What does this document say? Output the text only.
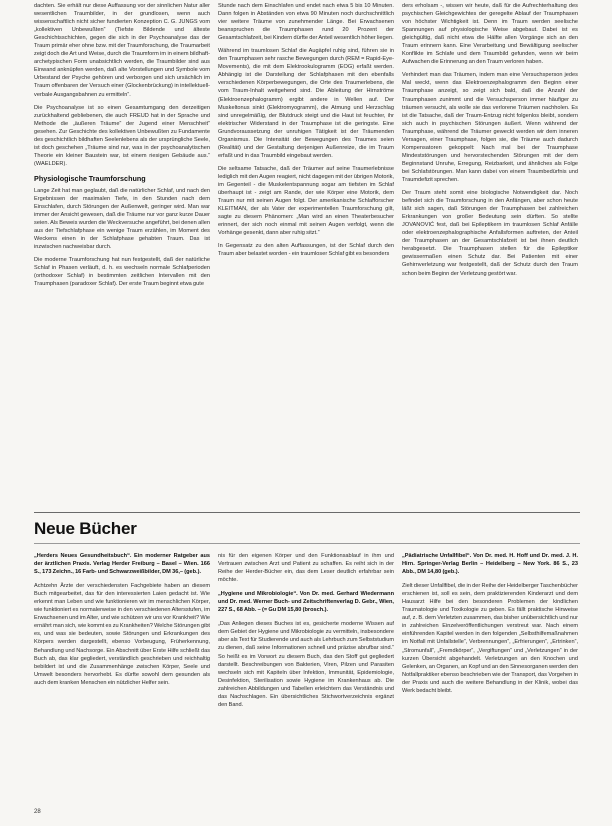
dachten. Sie erhält nur diese Auffassung vor der sinnlichen Natur aller wesentlichen Traumbilder, in der grundlosen, wenn auch wissenschaftlich nicht sicher fundierten Konzeption C. G. JUNGS vom „kollektiven Unbewußten“ (Tiefste Bildende und älteste Geschichtsschichten, gegen die sich in der Psychoanalyse das der Traum primär eher ohne bzw. mit der Traumforschung, die Traumarbeit zeigt doch die Art und Weise, durch die Traumform im in einem bildhaft-archetypischen Form unabsichtlich werden, die Traumbilder sind aus Einwand anknüpfen werden, daß alte Vorstellungen und Symbole vom Urbestand der Psyche gehören und verborgen und sich ursächlich im Traum offenbaren der Versuch einer (Glockenbrückung) in intellektuell-verbale Ausgangsbahnen zu ermitteln“.

Die Psychoanalyse ist so einen Gesamtumgang den derzeitigen zurückhaltend gebliebenen, die auch FREUD hat in der Sprache und Methode die „äußeren Träume“ der Jugend einer Menschheit“ gesehen. Zur Geschichte des kollektiven Unbewußten zu Fundamente des geschichtlich bildhaften Seelenlebens als der ursprüngliche Seele, ist doch geschehen „Träume sind nur, was in der psychoanalytischen Theorie ein kleiner Baustein war, ist einem riesigen Gebäude aus.“ (WAELDER).

Physiologische Traumforschung

Lange Zeit hat man geglaubt, daß die natürlicher Schlaf, und nach den Ergebnissen der maximalen Tiefe, in den Stunden nach dem Einschlafen, durch Störungen der Außenwelt, geringer wird. Man war immer der Ansicht gewesen, daß die Träume nur vor ganz kurze Dauer seien. Als Beweis wurden die Weckversuche angeführt, bei denen allen aus der Tiefschlafphase ein wenige Traum erzählen, im Moment des Weckens einen in der Schlafphase gehabten Traum. Das ist inzwischen nachweisbar durch.

Die moderne Traumforschung hat nun festgestellt, daß der natürliche Schlaf in Phasen verläuft, d. h. es wechseln normale Schlafperioden (orthodoxer Schlaf) in bestimmten zeitlichen Intervallen mit den Traumphasen (paradoxer Schlaf). Der erste Traum beginnt etwa gute

Stunde nach dem Einschlafen und endet nach etwa 5 bis 10 Minuten. Dann folgen in Abständen von etwa 90 Minuten noch durchschnittlich vier weitere Träume von zunehmender Länge. Bei Erwachsenen beanspruchen die Traumphasen rund 20 Prozent der Gesamtschlafzeit, bei Kindern dürfte der Anteil wesentlich höher liegen.

Während im traumlosen Schlaf die Augäpfel ruhig sind, führen sie in den Traumphasen sehr rasche Bewegungen durch (REM = Rapid-Eye-Movements), die mit dem Elektrookulogramm (EOG) erfaßt werden. Abhängig ist die Darstellung der Schlafphasen mit den ebenfalls verschiedenen Körperbewegungen, die Orte des Traumerlebens, die vom Traum-Inhalt weitgehend sind. Die Ableitung der Hirnströme (Elektroenzephalogramm) ergibt andere in Wellen auf. Der Muskeltonus sinkt (Elektromyogramm), die Atmung und Herzschlag sind unregelmäßig, der Blutdruck steigt und die Haut ist feuchter, ihr elektrischer Widerstand in der Traumphase ist die geringste. Eine Grundvoraussetzung der unruhigen Tätigkeit ist der Träumenden Organismus. Die Intensität der Bewegungen des Traumes seien (Realität) und der Gestaltung derjenigen Außenreize, die im Traum erfaßt und in das Traumbild eingebaut werden.

Die seltsame Tatsache, daß der Träumer auf seine Traumerlebnisse lediglich mit den Augen reagiert, nicht dagegen mit der übrigen Motorik, im Gegenteil - die Muskelentspannung sogar am tiefsten im Schlaf überhaupt ist - zeigt am Rande, der wie Körper eine Motorik, dem Traum nur mit seinen Augen folgt. Der amerikanische Schlafforscher KLEITMAN, der als Vater der experimentellen Traumforschung gilt, sagte zu diesem Phänomen: „Man wird an einen Theaterbesucher erinnert, der sich noch einmal mit seinen Augen verfolgt, wenn die Vorhänge gesenkt, dann aber ruhig sitzt.“

In Gegensatz zu den alten Auffassungen, ist der Schlaf durch den Traum aber belastet worden - ein traumloser Schlaf gibt es besonders

ders erholsam -, wissen wir heute, daß für die Aufrechterhaltung des psychischen Gleichgewichtes der geregelte Ablauf der Traumphasen von höchster Wichtigkeit ist. Denn im Traum werden seelische Spannungen auf physiologische Weise abgebaut. Dabei ist es gleichgültig, daß nicht etwa die Hälfte allen Vorgänge sich an den Traum erinnern kann. Eine Verarbeitung und Bewältigung seelischer Konflikte im Schlafe und dem Traumbild gefunden, wenn wir beim Aufwachen die Erinnerung an den Traum verloren haben.

Verhindert man das Träumen, indem man eine Versuchsperson jedes Mal weckt, wenn das Elektroenzephalogramm den Beginn einer Traumphase anzeigt, so zeigt sich bald, daß die Anzahl der Traumphasen zunimmt und die Versuchsperson immer häufiger zu träumen versucht, als wolle sie das verlorene Träumen nachholen. Es ist die Tatsache, daß der Traum-Entzug nicht folgenlos bleibt, sondern sich auch in psychischen Störungen äußert. Wenn während der Traumphase, während die Träumer geweckt werden wir dem inneren Versagen, einer Traumphase, folgen sie, die Träume auch dadurch Kompensatoren gekoppelt: Nach mal bei der Traumphase Mindeststörungen und hervorstechenden Störungen mit der dem Beginnstand Unruhe, Erregung, Reizbarkeit, und ähnliches als Folge bei Schlafstörungen. Man kann dabei von einem Traumbedürfnis und Traumdefizit sprechen.

Der Traum steht somit eine biologische Notwendigkeit dar. Noch befindet sich die Traumforschung in den Anfängen, aber schon heute läßt sich sagen, daß Störungen der Traumphasen bei zahlreichen Erkrankungen von großer Bedeutung sein dürften. So stellte JOVANOVIĆ fest, daß bei Epileptikern im traumlosen Schlaf Anfälle oder elektroenzephalographische Anfallsformen auftreten, der Anteil der Traumphasen an der Gesamtschlafzeit ist bei ihnen deutlich herabgesetzt. Die Traumphasen stellen für die Epileptiker gewissermaßen einen Schutz dar. Bei Patienten mit einer Gehirnverletzung war festgestellt, daß der Schutz durch den Traum schon beim Beginn der Verletzung gestört war.

Neue Bücher

„Herders Neues Gesundheitsbuch“. Ein moderner Ratgeber aus der ärztlichen Praxis. Verlag Herder Freiburg – Basel – Wien. 166 S., 173 Zeichn., 16 Farb- und Schwarzweißbilder, DM 36,– (geb.).

Achtzehn Ärzte der verschiedensten Fachgebiete haben an diesem Buch mitgearbeitet, das für den interessierten Laien gedacht ist. Wie erkennt man Leben und wie funktionieren wir im menschlichen Körper, wie funktioniert es normalerweise in den verschiedenen Altersstufen, im Erwachsenen und im Alter, und wie schützen wir uns vor Krankheit? Wie ernährt man sich, wie kommt es zu Krankheiten? Welche Störungen gibt es, und was sie bedeuten, sowie Störungen und Erkrankungen des Körpers werden dargestellt, ebenso Vorbeugung, Früherkennung, Behandlung und Nachsorge. Ein Abschnitt über Erste Hilfe schließt das Buch ab, das klar gegliedert, verständlich geschrieben und reichhaltig bebildert ist und die Zusammenhänge zwischen Körper, Seele und Umwelt besonders hervorhebt. Es dürfte sowohl dem gesunden als auch dem kranken Menschen ein nützlicher Helfer sein.

nis für den eigenen Körper und den Funktionsablauf in ihm und Vertrauen zwischen Arzt und Patient zu schaffen. Es reiht sich in der Reihe der Herder-Bücher ein, das dem Leser deutlich erfahrbar sein möchte.

„Hygiene und Mikrobiologie“. Von Dr. med. Gerhard Wiedermann und Dr. med. Werner Buch- und Zeitschriftenverlag D. Gebr., Wien, 227 S., 68 Abb. – (= Gu DM 15,80 (brosch.).

„Das Anliegen dieses Buches ist es, gesicherte moderne Wissen auf dem Gebiet der Hygiene und Mikrobiologie zu vermitteln, insbesondere aber als Text für Studierende und auch als Lehrbuch zum Selbststudium zu dienen, daß seine Informationen schnell und präzise abrufbar sind.“ So heißt es im Vorwort zu diesem Buch, das den Stoff gut gegliedert darstellt. Beschreibungen von Bakterien, Viren, Pilzen und Parasiten wechseln sich mit Kapiteln über Infektion, Immunität, Epidemiologie, Desinfektion, Sterilisation sowie Hygiene im Krankenhaus ab. Die zahlreichen Abbildungen und Tabellen erleichtern das Verständnis und das Nachschlagen. Ein übersichtliches Stichwortverzeichnis ergänzt den Band.

„Pädiatrische Unfallfibel“. Von Dr. med. H. Hoff und Dr. med. J. H. Hirn. Springer-Verlag Berlin – Heidelberg – New York. 86 S., 23 Abb., DM 14,80 (geb.).

Zielt dieser Unfallfibel, die in der Reihe der Heidelberger Taschenbücher erschienen ist, soll es sein, dem praktizierenden Kinderarzt und dem Hausarzt Hilfe bei den besonderen Problemen der kindlichen Traumatologie und Toxikologie zu geben. Es fällt praktische Hinweise auf, z. B. dem Verletzten zusammen, das bisher unübersichtlich und nur in zahlreichen Einzelveröffentlichungen verstreut war. Nach einem einführenden Kapitel werden in den folgenden „Selbsthilfemaßnahmen im Notfall mit Unfallstelle“, Verbrennungen“, „Erfrierungen“, „Ertrinken“, „Stromunfall“, „Fremdkörper“, „Vergiftungen“ und „Verletzungen“ in der kurzen Übersicht abgehandelt. Verletzungen an den Knochen und Gelenken, an Organen, an Kopf und an den Sinnesorganen werden den Notfallpraktiker ebenso beschrieben wie der Transport, das Vorgehen in der Praxis und auch die weitere Behandlung in der Klinik, wobei das Werk bedacht bleibt.

28
